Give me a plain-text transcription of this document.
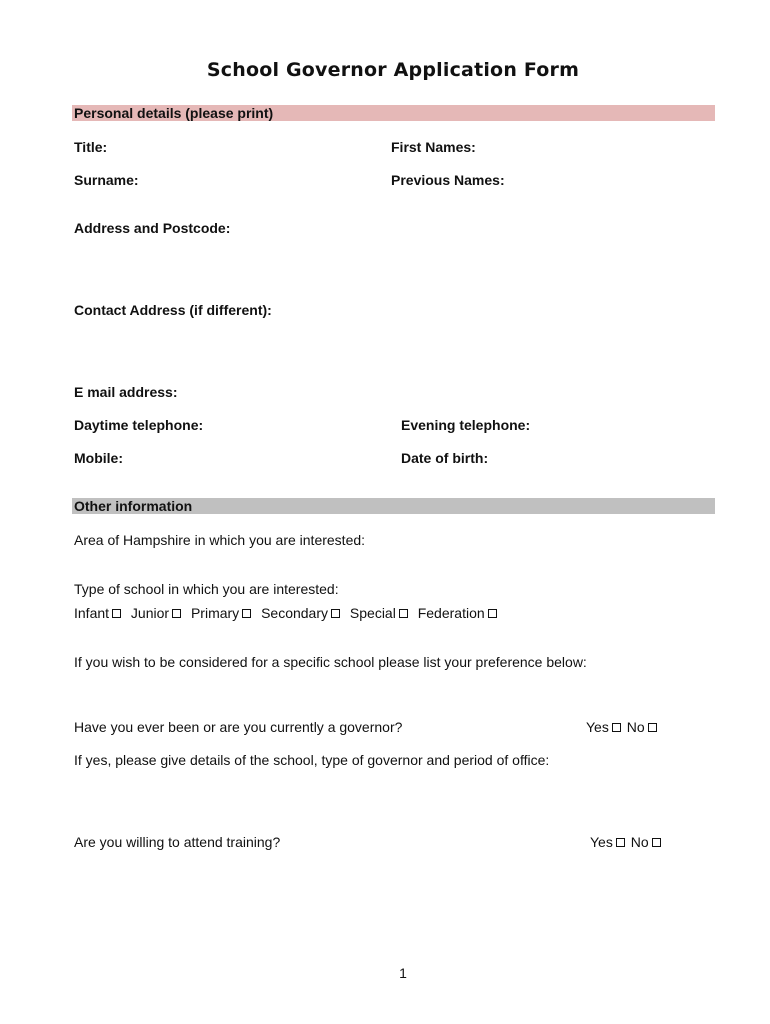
School Governor Application Form
Personal details (please print)
Title:	First Names:
Surname:	Previous Names:
Address and Postcode:
Contact Address (if different):
E mail address:
Daytime telephone:	Evening telephone:
Mobile:	Date of birth:
Other information
Area of Hampshire in which you are interested:
Type of school in which you are interested:
Infant Junior Primary Secondary Special Federation
If you wish to be considered for a specific school please list your preference below:
Have you ever been or are you currently a governor?	Yes No
If yes, please give details of the school, type of governor and period of office:
Are you willing to attend training?	Yes No
1
